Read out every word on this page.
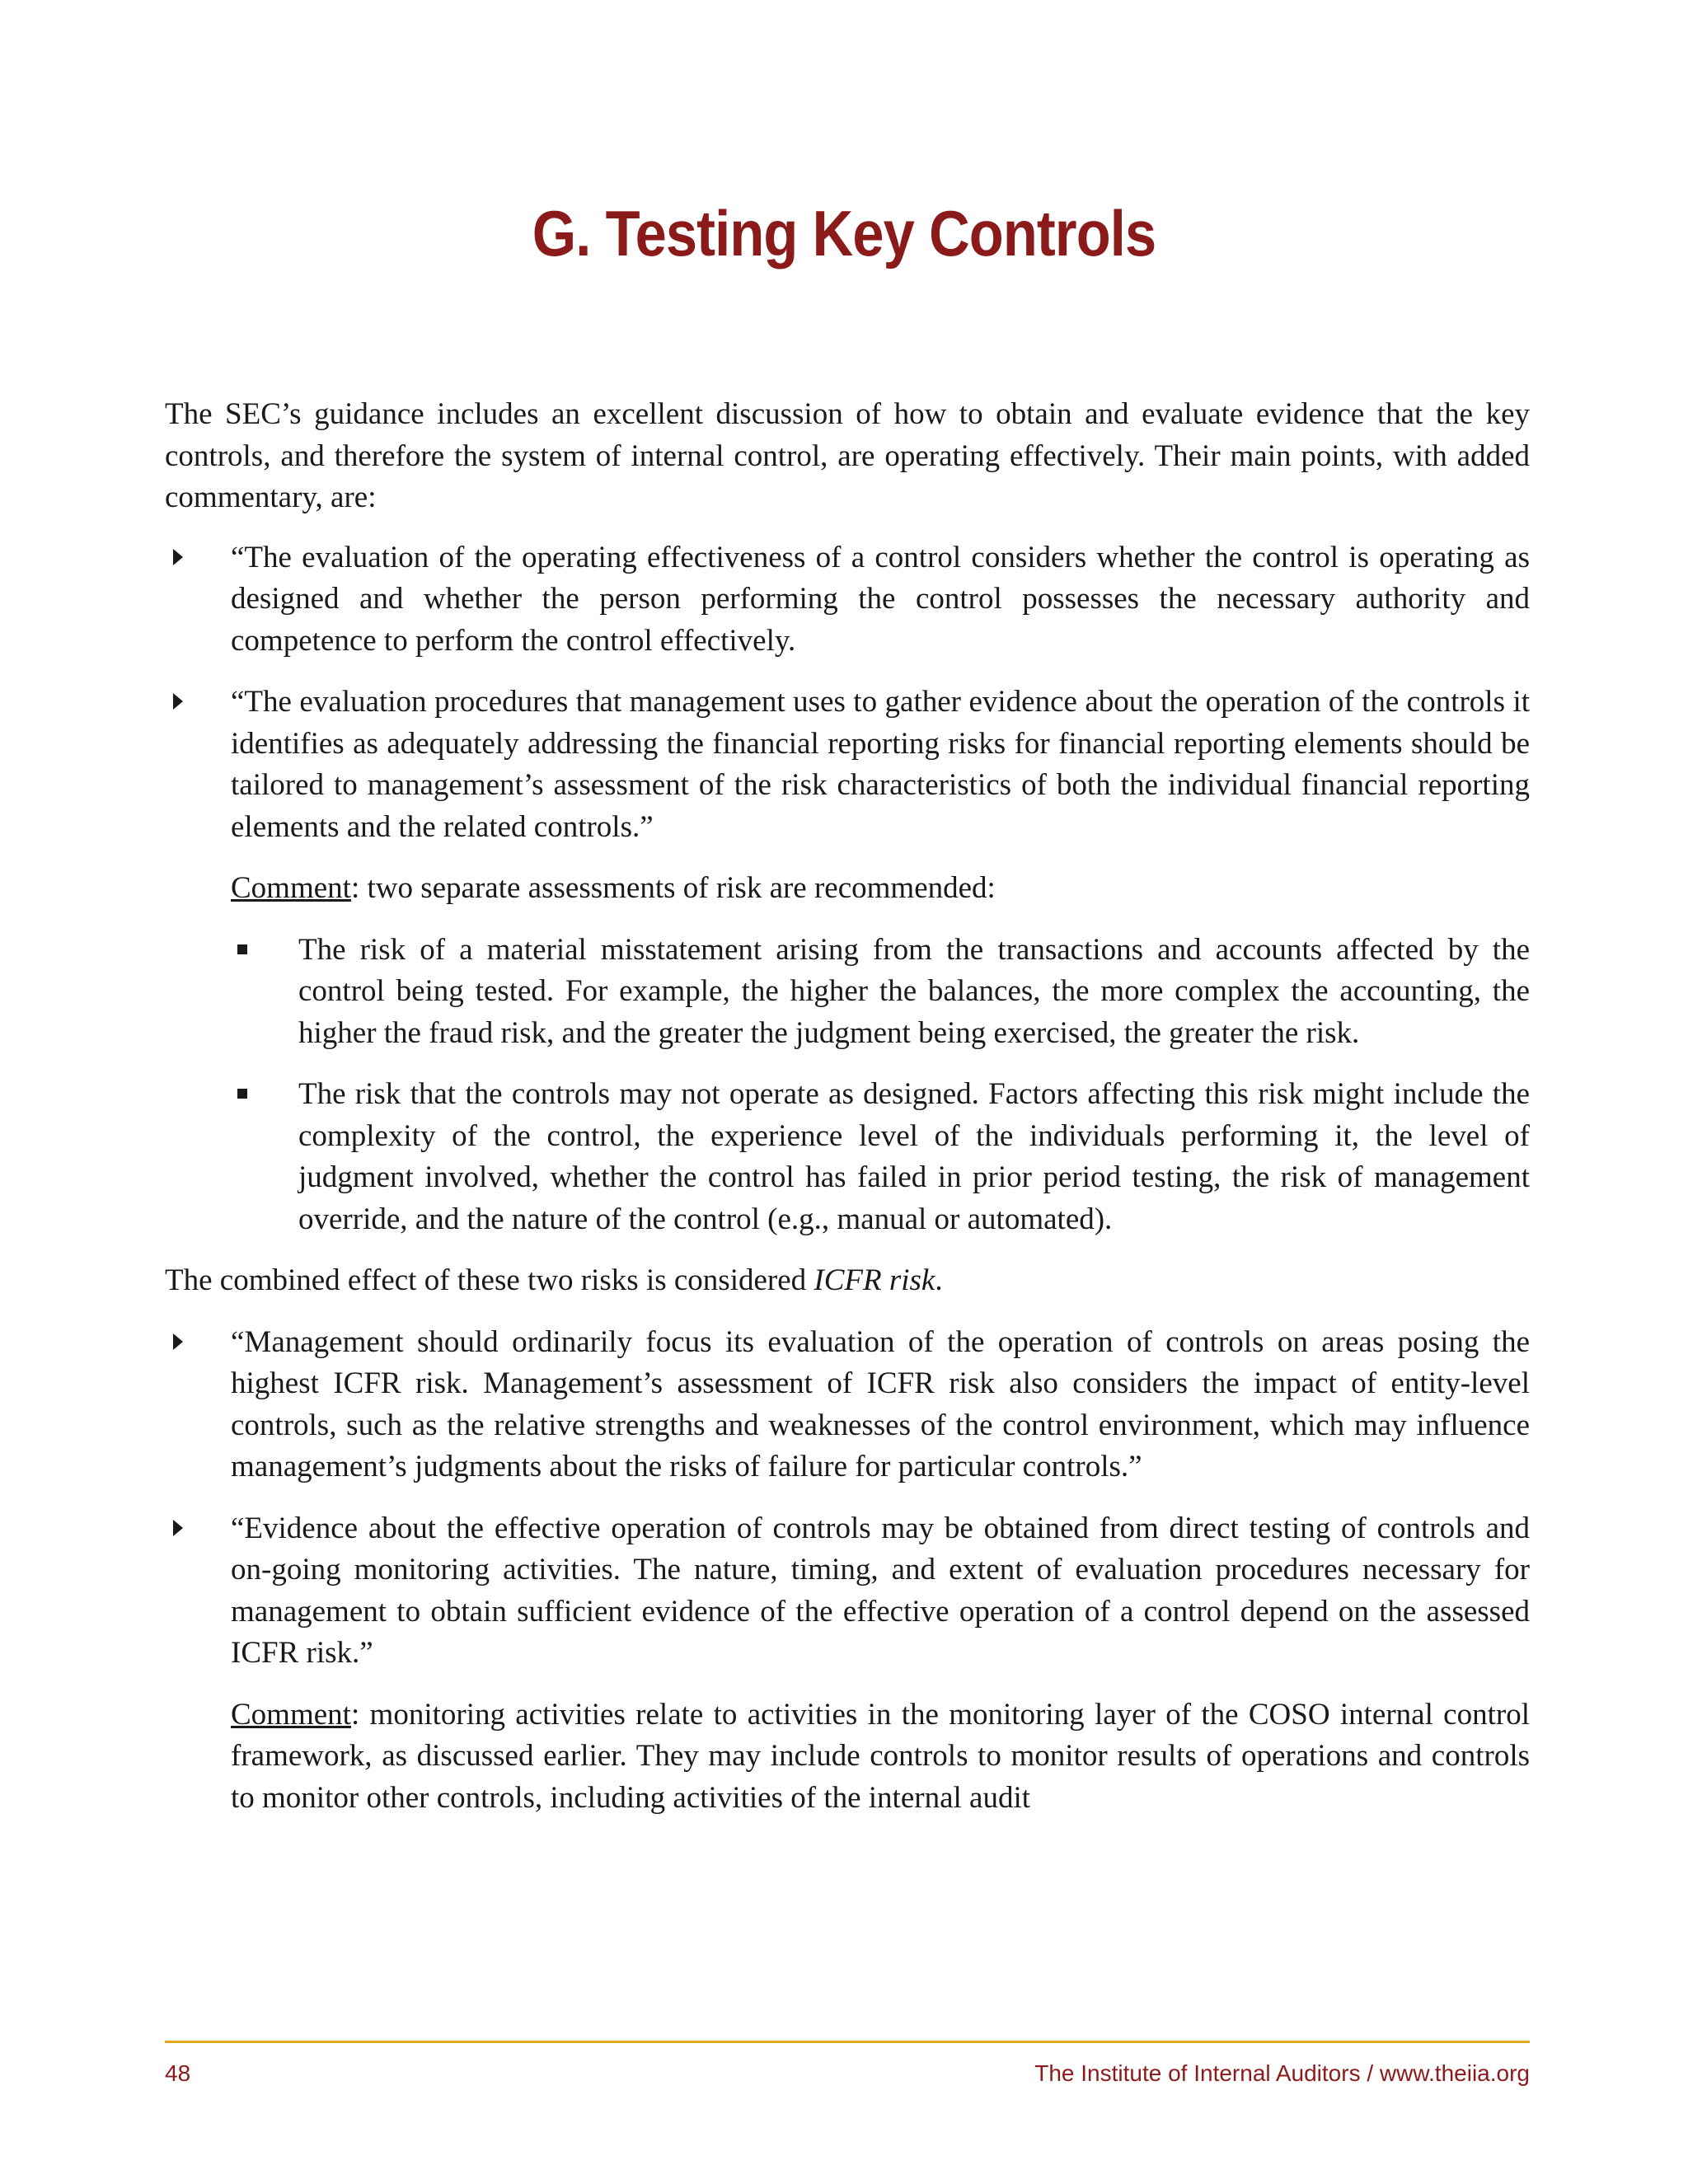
G. Testing Key Controls

The SEC’s guidance includes an excellent discussion of how to obtain and evaluate evidence that the key controls, and therefore the system of internal control, are operating effectively. Their main points, with added commentary, are:

“The evaluation of the operating effectiveness of a control considers whether the control is operating as designed and whether the person performing the control possesses the necessary authority and competence to perform the control effectively.

“The evaluation procedures that management uses to gather evidence about the operation of the controls it identifies as adequately addressing the financial reporting risks for financial reporting elements should be tailored to management’s assessment of the risk characteristics of both the individual financial reporting elements and the related controls.”

Comment: two separate assessments of risk are recommended:

The risk of a material misstatement arising from the transactions and accounts affected by the control being tested. For example, the higher the balances, the more complex the accounting, the higher the fraud risk, and the greater the judgment being exercised, the greater the risk.

The risk that the controls may not operate as designed. Factors affecting this risk might include the complexity of the control, the experience level of the individuals performing it, the level of judgment involved, whether the control has failed in prior period testing, the risk of management override, and the nature of the control (e.g., manual or automated).

The combined effect of these two risks is considered ICFR risk.

“Management should ordinarily focus its evaluation of the operation of controls on areas posing the highest ICFR risk. Management’s assessment of ICFR risk also considers the impact of entity-level controls, such as the relative strengths and weaknesses of the control environment, which may influence management’s judgments about the risks of failure for particular controls.”

“Evidence about the effective operation of controls may be obtained from direct testing of controls and on-going monitoring activities. The nature, timing, and extent of evaluation procedures necessary for management to obtain sufficient evidence of the effective operation of a control depend on the assessed ICFR risk.”

Comment: monitoring activities relate to activities in the monitoring layer of the COSO internal control framework, as discussed earlier. They may include controls to monitor results of operations and controls to monitor other controls, including activities of the internal audit

48	The Institute of Internal Auditors / www.theiia.org
